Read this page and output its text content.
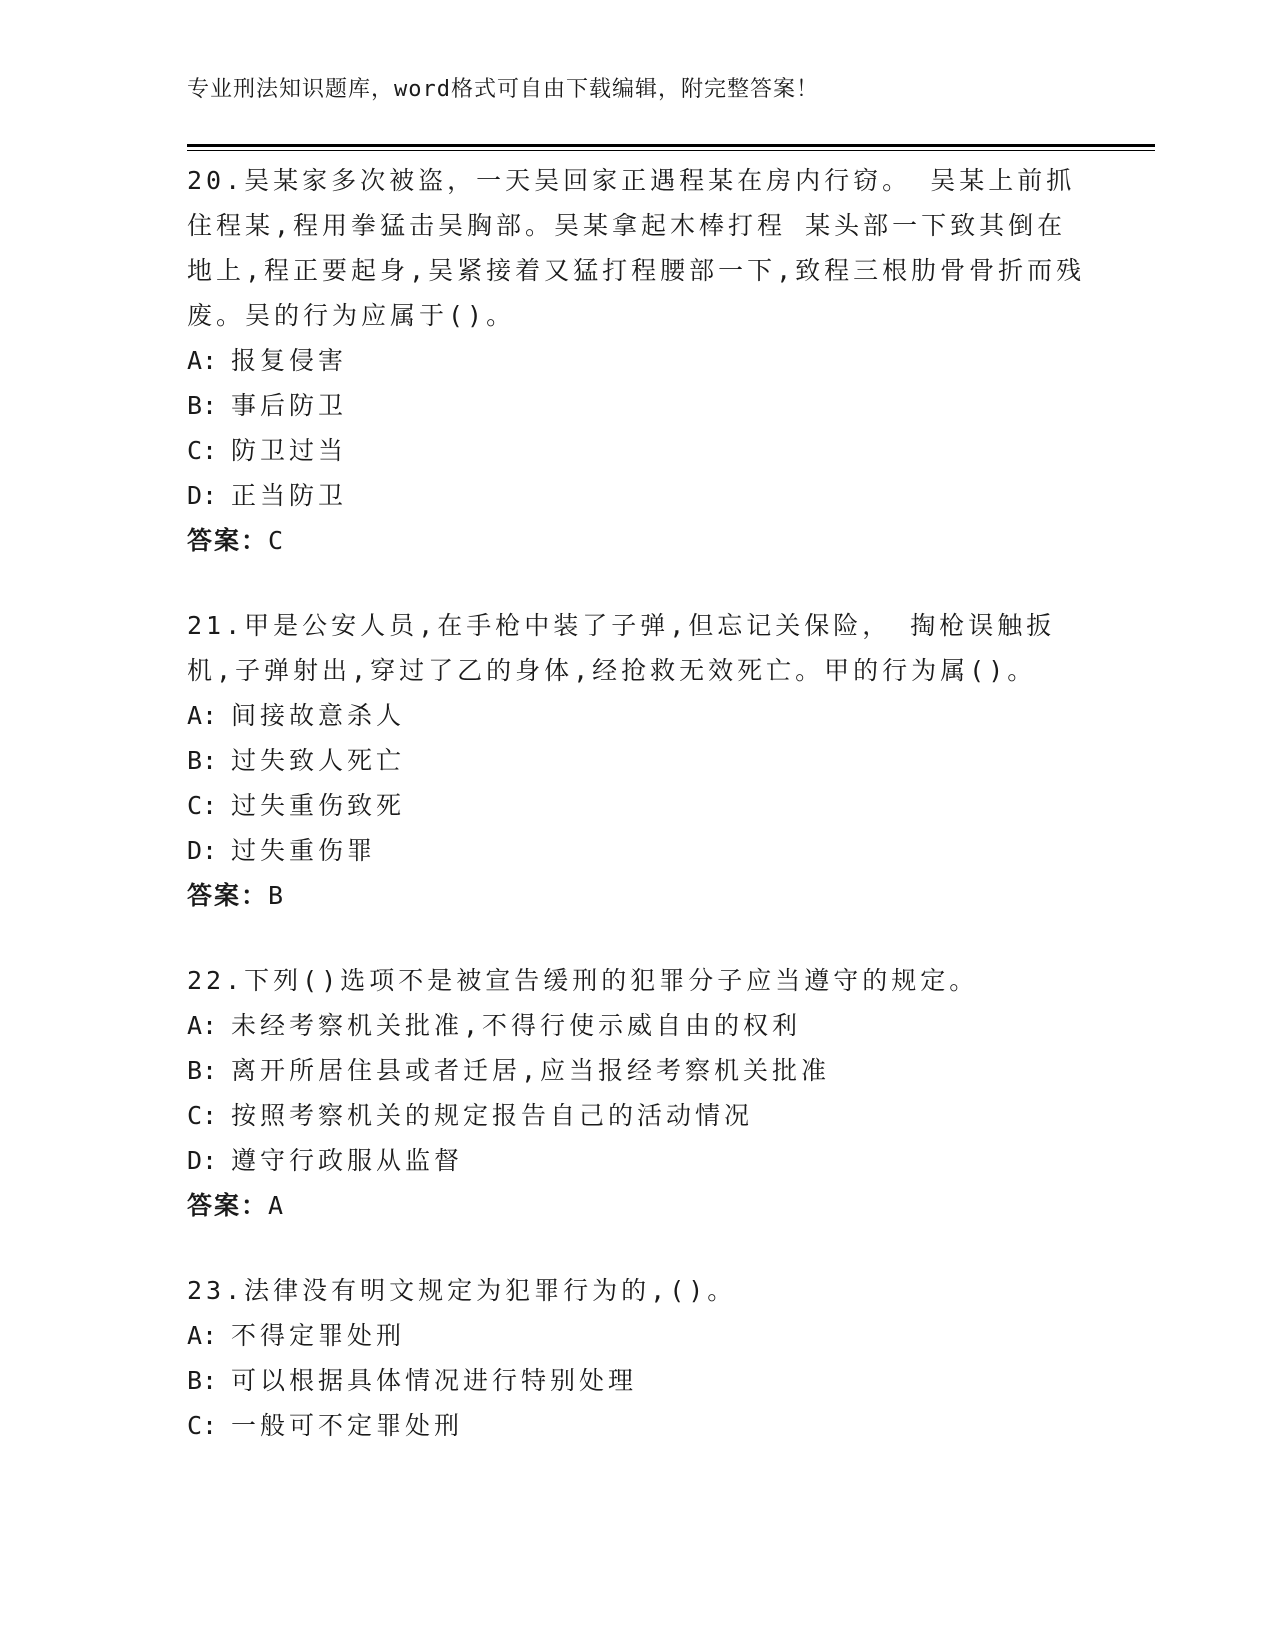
专业刑法知识题库，word格式可自由下载编辑，附完整答案！

20.吴某家多次被盗，一天吴回家正遇程某在房内行窃。 吴某上前抓住程某,程用拳猛击吴胸部。吴某拿起木棒打程 某头部一下致其倒在地上,程正要起身,吴紧接着又猛打程腰部一下,致程三根肋骨骨折而残废。吴的行为应属于()。

A: 报复侵害

B: 事后防卫

C: 防卫过当

D: 正当防卫

答案：C

21.甲是公安人员,在手枪中装了子弹,但忘记关保险， 掏枪误触扳机,子弹射出,穿过了乙的身体,经抢救无效死亡。甲的行为属()。

A: 间接故意杀人

B: 过失致人死亡

C: 过失重伤致死

D: 过失重伤罪

答案：B

22.下列()选项不是被宣告缓刑的犯罪分子应当遵守的规定。

A: 未经考察机关批准,不得行使示威自由的权利

B: 离开所居住县或者迁居,应当报经考察机关批准

C: 按照考察机关的规定报告自己的活动情况

D: 遵守行政服从监督

答案：A

23.法律没有明文规定为犯罪行为的,()。

A: 不得定罪处刑

B: 可以根据具体情况进行特别处理

C: 一般可不定罪处刑
